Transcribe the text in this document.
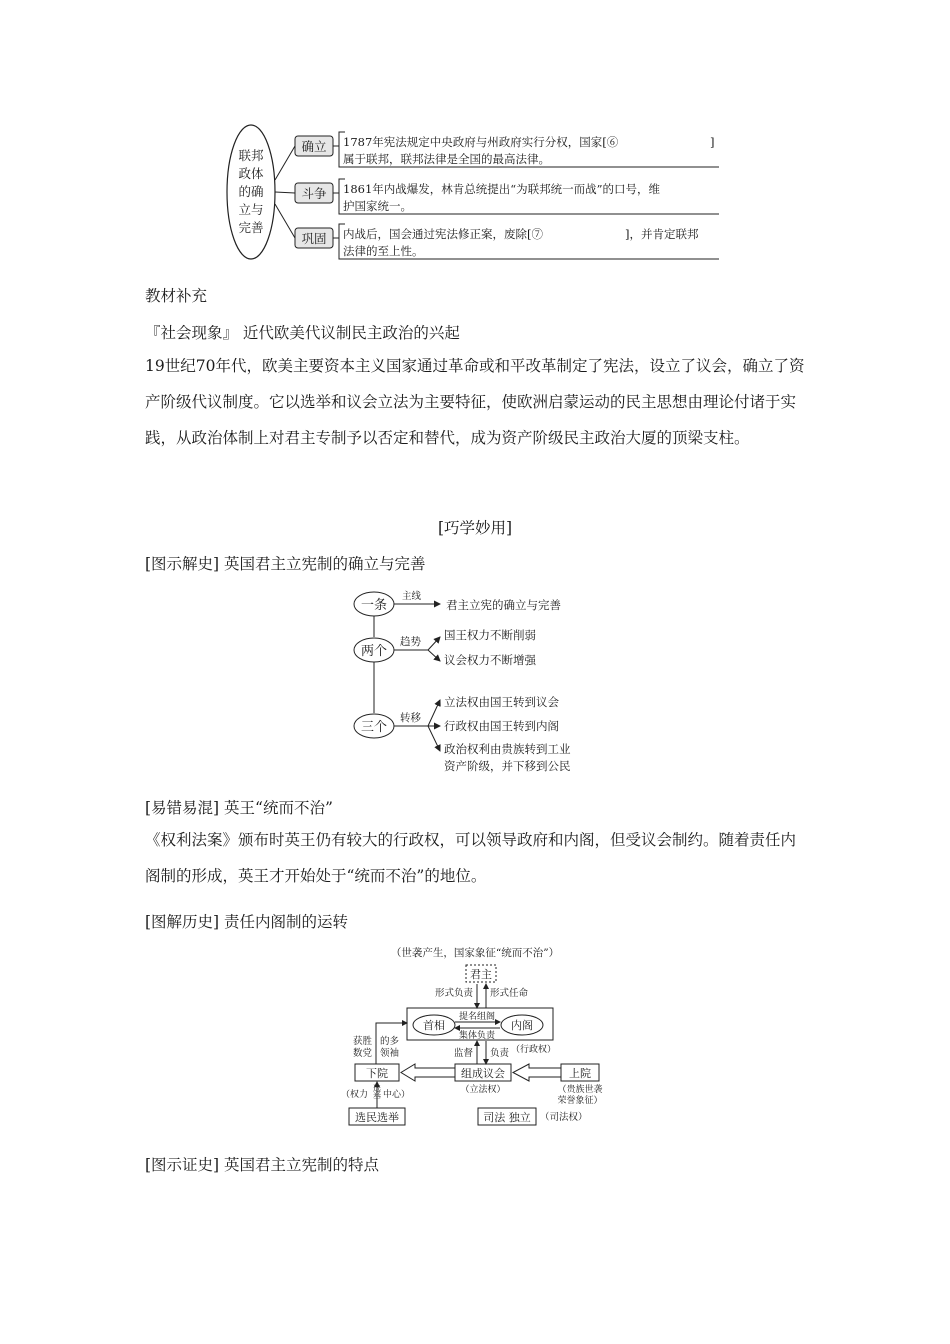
联邦
政体
的确
立与
完善
确立 1787年宪法规定中央政府与州政府实行分权，国家[⑥	]
属于联邦，联邦法律是全国的最高法律。
斗争 1861年内战爆发，林肯总统提出“为联邦统一而战”的口号，维
护国家统一。
巩固 内战后，国会通过宪法修正案，废除[⑦	]，并肯定联邦
法律的至上性。
教材补充
『社会现象』 近代欧美代议制民主政治的兴起
19世纪70年代，欧美主要资本主义国家通过革命或和平改革制定了宪法，设立了议会，确立了资产阶级代议制度。它以选举和议会立法为主要特征，使欧洲启蒙运动的民主思想由理论付诸于实践，从政治体制上对君主专制予以否定和替代，成为资产阶级民主政治大厦的顶梁支柱。
[巧学妙用]
[图示解史] 英国君主立宪制的确立与完善
一条
两个
三个
主线
君主立宪的确立与完善
趋势 国王权力不断削弱
议会权力不断增强
转移
立法权由国王转到议会
行政权由国王转到内阁
政治权利由贵族转到工业
资产阶级，并下移到公民
[易错易混] 英王“统而不治”
《权利法案》颁布时英王仍有较大的行政权，可以领导政府和内阁，但受议会制约。随着责任内阁制的形成，英王才开始处于“统而不治”的地位。
[图解历史] 责任内阁制的运转
（世袭产生，国家象征“统而不治”）
君主
形式负责 形式任命
首相	内阁
提名组阁
集体负责
获胜
数党
的多
领袖	监督 负责 （行政权）
下院	组成议会	上院
（立法权）	（贵族世袭
荣誉象征）
（权力 选举 中心）
选民选举	司法 独立 （司法权）
[图示证史] 英国君主立宪制的特点
